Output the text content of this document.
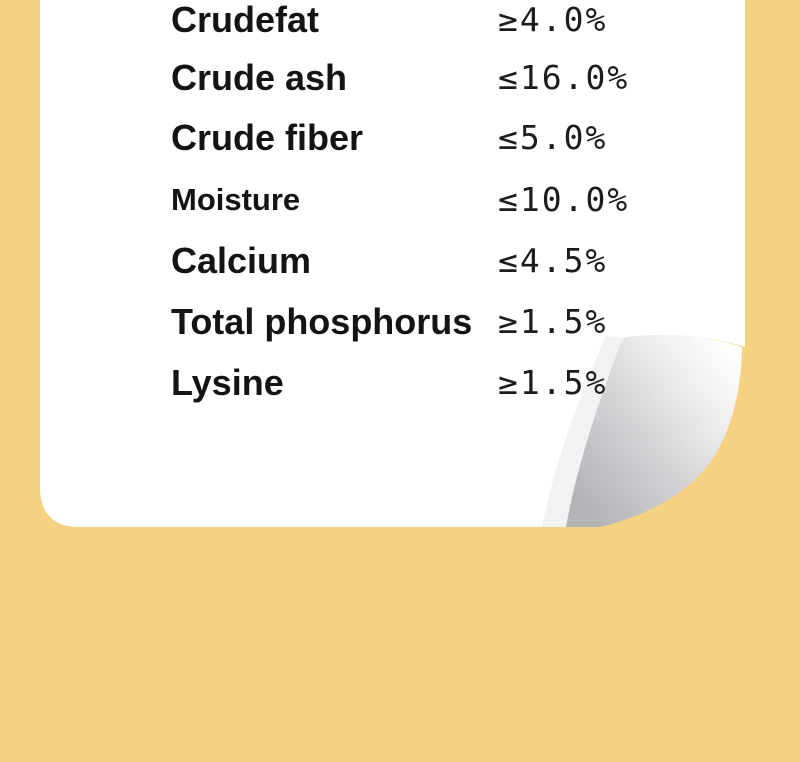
Crudefat	≥4.0%
Crude ash	≤16.0%
Crude fiber	≤5.0%
Moisture	≤10.0%
Calcium	≤4.5%
Total phosphorus ≥1.5%
Lysine	≥1.5%
